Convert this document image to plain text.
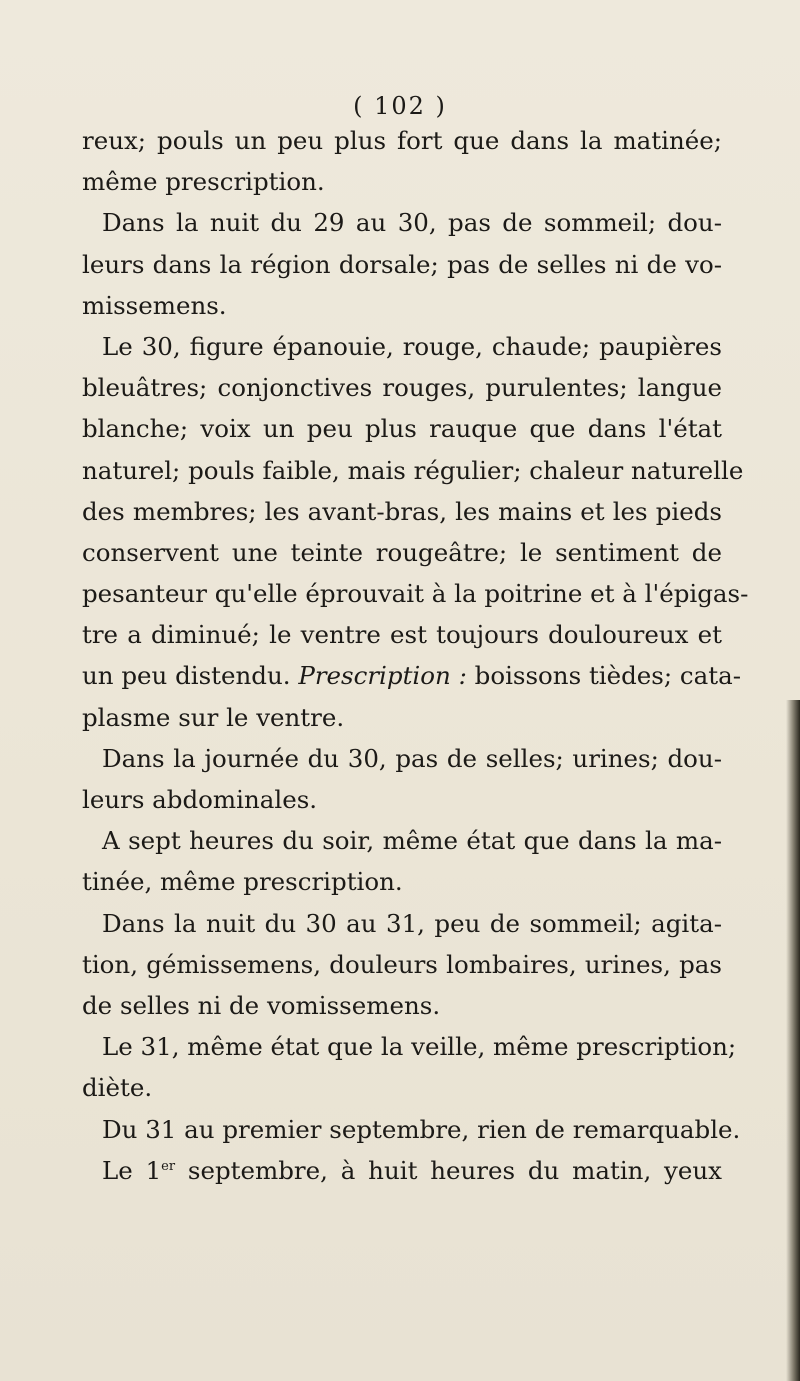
( 102 )
reux; pouls un peu plus fort que dans la matinée;
même prescription.
Dans la nuit du 29 au 30, pas de sommeil; dou-
leurs dans la région dorsale; pas de selles ni de vo-
missemens.
Le 30, figure épanouie, rouge, chaude; paupières
bleuâtres; conjonctives rouges, purulentes; langue
blanche; voix un peu plus rauque que dans l'état
naturel; pouls faible, mais régulier; chaleur naturelle
des membres; les avant-bras, les mains et les pieds
conservent une teinte rougeâtre; le sentiment de
pesanteur qu'elle éprouvait à la poitrine et à l'épigas-
tre a diminué; le ventre est toujours douloureux et
un peu distendu. Prescription : boissons tièdes; cata-
plasme sur le ventre.
Dans la journée du 30, pas de selles; urines; dou-
leurs abdominales.
A sept heures du soir, même état que dans la ma-
tinée, même prescription.
Dans la nuit du 30 au 31, peu de sommeil; agita-
tion, gémissemens, douleurs lombaires, urines, pas
de selles ni de vomissemens.
Le 31, même état que la veille, même prescription;
diète.
Du 31 au premier septembre, rien de remarquable.
Le 1er septembre, à huit heures du matin, yeux
